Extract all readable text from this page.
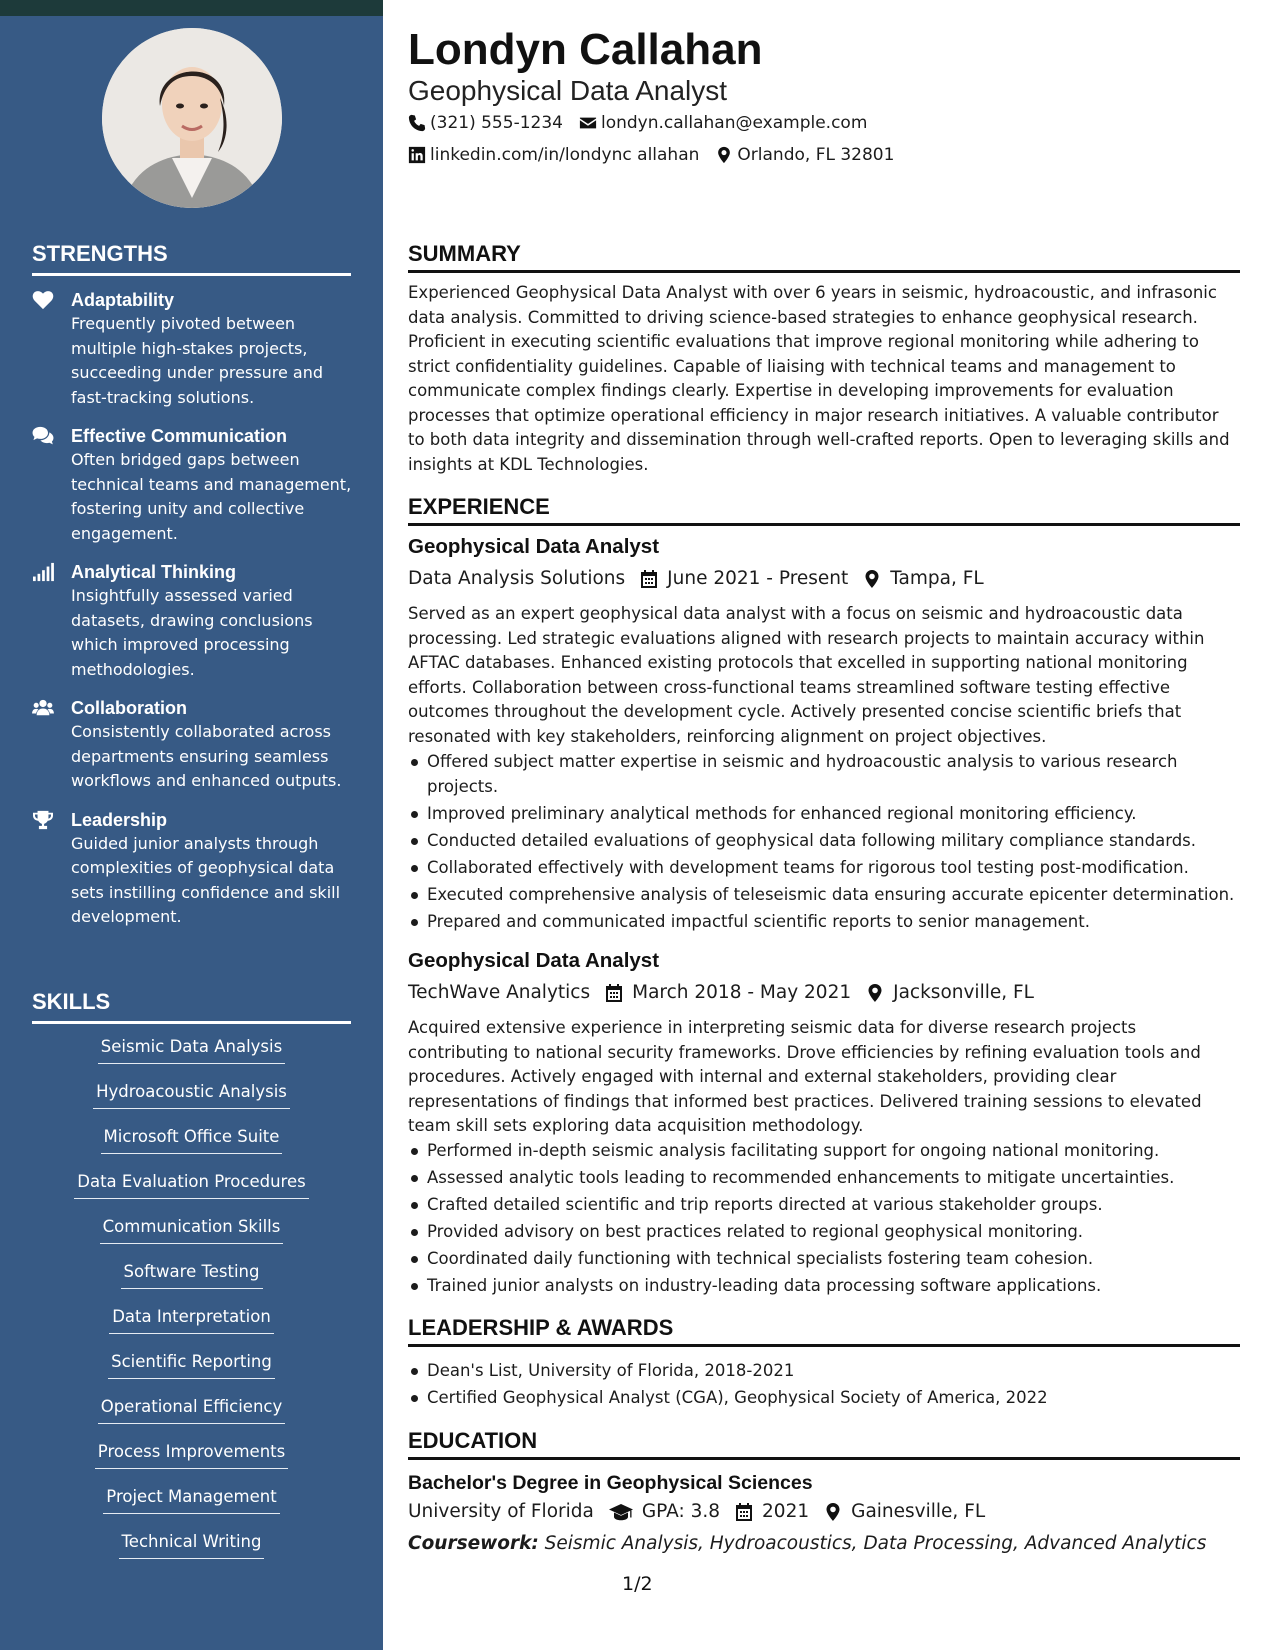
STRENGTHS
Adaptability
Frequently pivoted between multiple high-stakes projects, succeeding under pressure and fast-tracking solutions.
Effective Communication
Often bridged gaps between technical teams and management, fostering unity and collective engagement.
Analytical Thinking
Insightfully assessed varied datasets, drawing conclusions which improved processing methodologies.
Collaboration
Consistently collaborated across departments ensuring seamless workflows and enhanced outputs.
Leadership
Guided junior analysts through complexities of geophysical data sets instilling confidence and skill development.
SKILLS
Seismic Data Analysis
Hydroacoustic Analysis
Microsoft Office Suite
Data Evaluation Procedures
Communication Skills
Software Testing
Data Interpretation
Scientific Reporting
Operational Efficiency
Process Improvements
Project Management
Technical Writing
Londyn Callahan
Geophysical Data Analyst
(321) 555-1234 londyn.callahan@example.com
linkedin.com/in/londync allahan Orlando, FL 32801
SUMMARY

Experienced Geophysical Data Analyst with over 6 years in seismic, hydroacoustic, and infrasonic data analysis. Committed to driving science-based strategies to enhance geophysical research. Proficient in executing scientific evaluations that improve regional monitoring while adhering to strict confidentiality guidelines. Capable of liaising with technical teams and management to communicate complex findings clearly. Expertise in developing improvements for evaluation processes that optimize operational efficiency in major research initiatives. A valuable contributor to both data integrity and dissemination through well-crafted reports. Open to leveraging skills and insights at KDL Technologies.

EXPERIENCE
Geophysical Data Analyst
Data Analysis Solutions June 2021 - Present Tampa, FL

Served as an expert geophysical data analyst with a focus on seismic and hydroacoustic data processing. Led strategic evaluations aligned with research projects to maintain accuracy within AFTAC databases. Enhanced existing protocols that excelled in supporting national monitoring efforts. Collaboration between cross-functional teams streamlined software testing effective outcomes throughout the development cycle. Actively presented concise scientific briefs that resonated with key stakeholders, reinforcing alignment on project objectives.

Offered subject matter expertise in seismic and hydroacoustic analysis to various research projects.
Improved preliminary analytical methods for enhanced regional monitoring efficiency.
Conducted detailed evaluations of geophysical data following military compliance standards.
Collaborated effectively with development teams for rigorous tool testing post-modification.
Executed comprehensive analysis of teleseismic data ensuring accurate epicenter determination.
Prepared and communicated impactful scientific reports to senior management.
Geophysical Data Analyst
TechWave Analytics March 2018 - May 2021 Jacksonville, FL

Acquired extensive experience in interpreting seismic data for diverse research projects contributing to national security frameworks. Drove efficiencies by refining evaluation tools and procedures. Actively engaged with internal and external stakeholders, providing clear representations of findings that informed best practices. Delivered training sessions to elevated team skill sets exploring data acquisition methodology.

Performed in-depth seismic analysis facilitating support for ongoing national monitoring.
Assessed analytic tools leading to recommended enhancements to mitigate uncertainties.
Crafted detailed scientific and trip reports directed at various stakeholder groups.
Provided advisory on best practices related to regional geophysical monitoring.
Coordinated daily functioning with technical specialists fostering team cohesion.
Trained junior analysts on industry-leading data processing software applications.
LEADERSHIP & AWARDS
Dean's List, University of Florida, 2018-2021
Certified Geophysical Analyst (CGA), Geophysical Society of America, 2022
EDUCATION
Bachelor's Degree in Geophysical Sciences
University of Florida	GPA: 3.8 2021 Gainesville, FL
Coursework: Seismic Analysis, Hydroacoustics, Data Processing, Advanced Analytics
1/2
